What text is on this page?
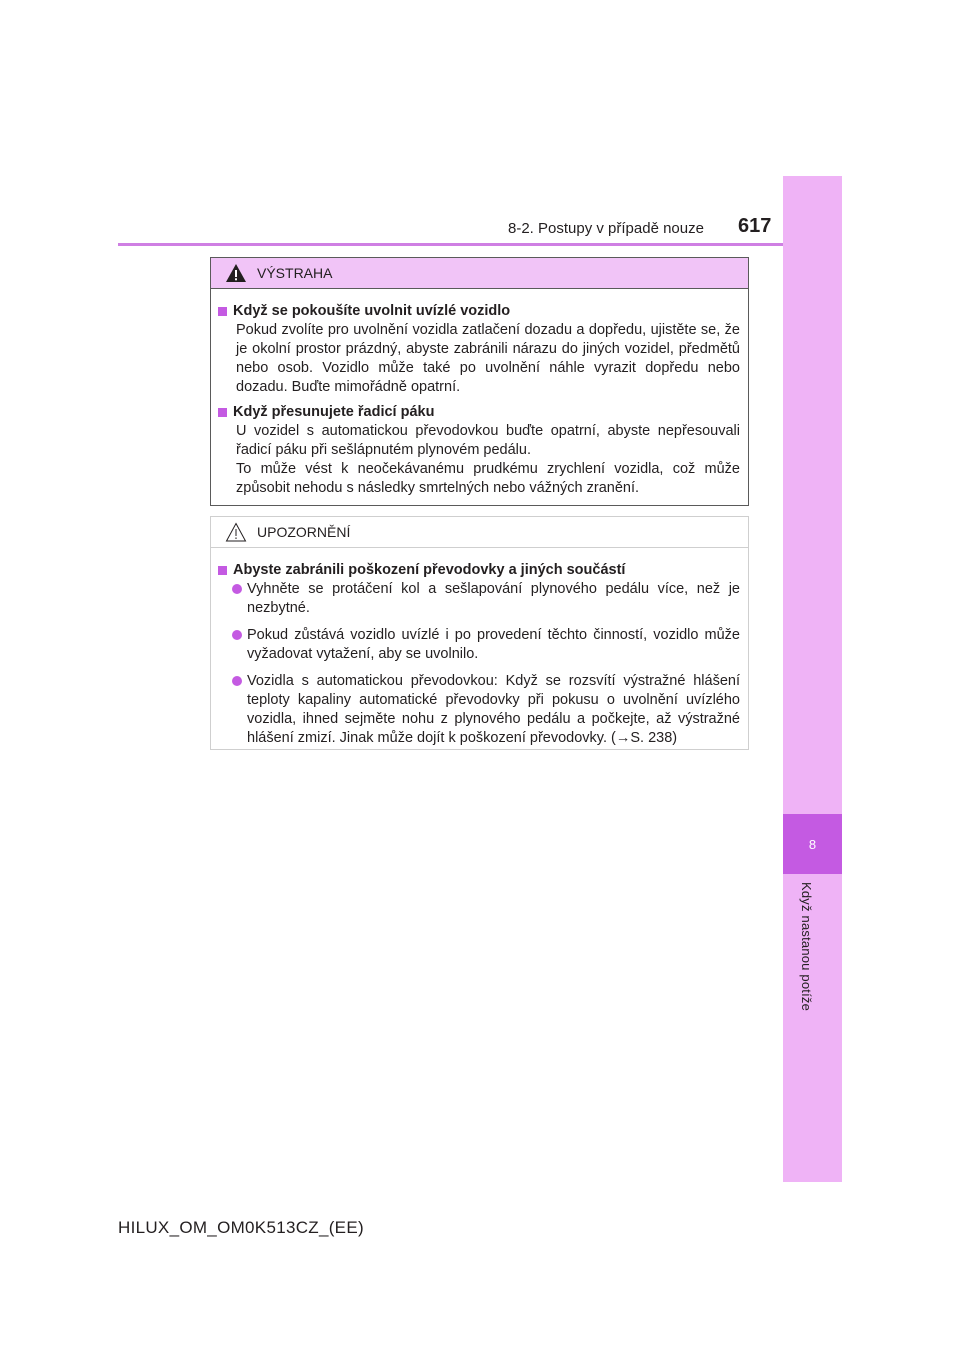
8-2. Postupy v případě nouze 617
8
Když nastanou potíže
VÝSTRAHA
Když se pokoušíte uvolnit uvízlé vozidlo

Pokud zvolíte pro uvolnění vozidla zatlačení dozadu a dopředu, ujistěte se, že je okolní prostor prázdný, abyste zabránili nárazu do jiných vozidel, předmětů nebo osob. Vozidlo může také po uvolnění náhle vyrazit dopředu nebo dozadu. Buďte mimořádně opatrní.

Když přesunujete řadicí páku

U vozidel s automatickou převodovkou buďte opatrní, abyste nepřesouvali řadicí páku při sešlápnutém plynovém pedálu.

To může vést k neočekávanému prudkému zrychlení vozidla, což může způsobit nehodu s následky smrtelných nebo vážných zranění.

UPOZORNĚNÍ
Abyste zabránili poškození převodovky a jiných součástí
Vyhněte se protáčení kol a sešlapování plynového pedálu více, než je nezbytné.
Pokud zůstává vozidlo uvízlé i po provedení těchto činností, vozidlo může vyžadovat vytažení, aby se uvolnilo.
Vozidla s automatickou převodovkou: Když se rozsvítí výstražné hlášení teploty kapaliny automatické převodovky při pokusu o uvolnění uvízlého vozidla, ihned sejměte nohu z plynového pedálu a počkejte, až výstražné hlášení zmizí. Jinak může dojít k poškození převodovky. (→S. 238)
HILUX_OM_OM0K513CZ_(EE)
